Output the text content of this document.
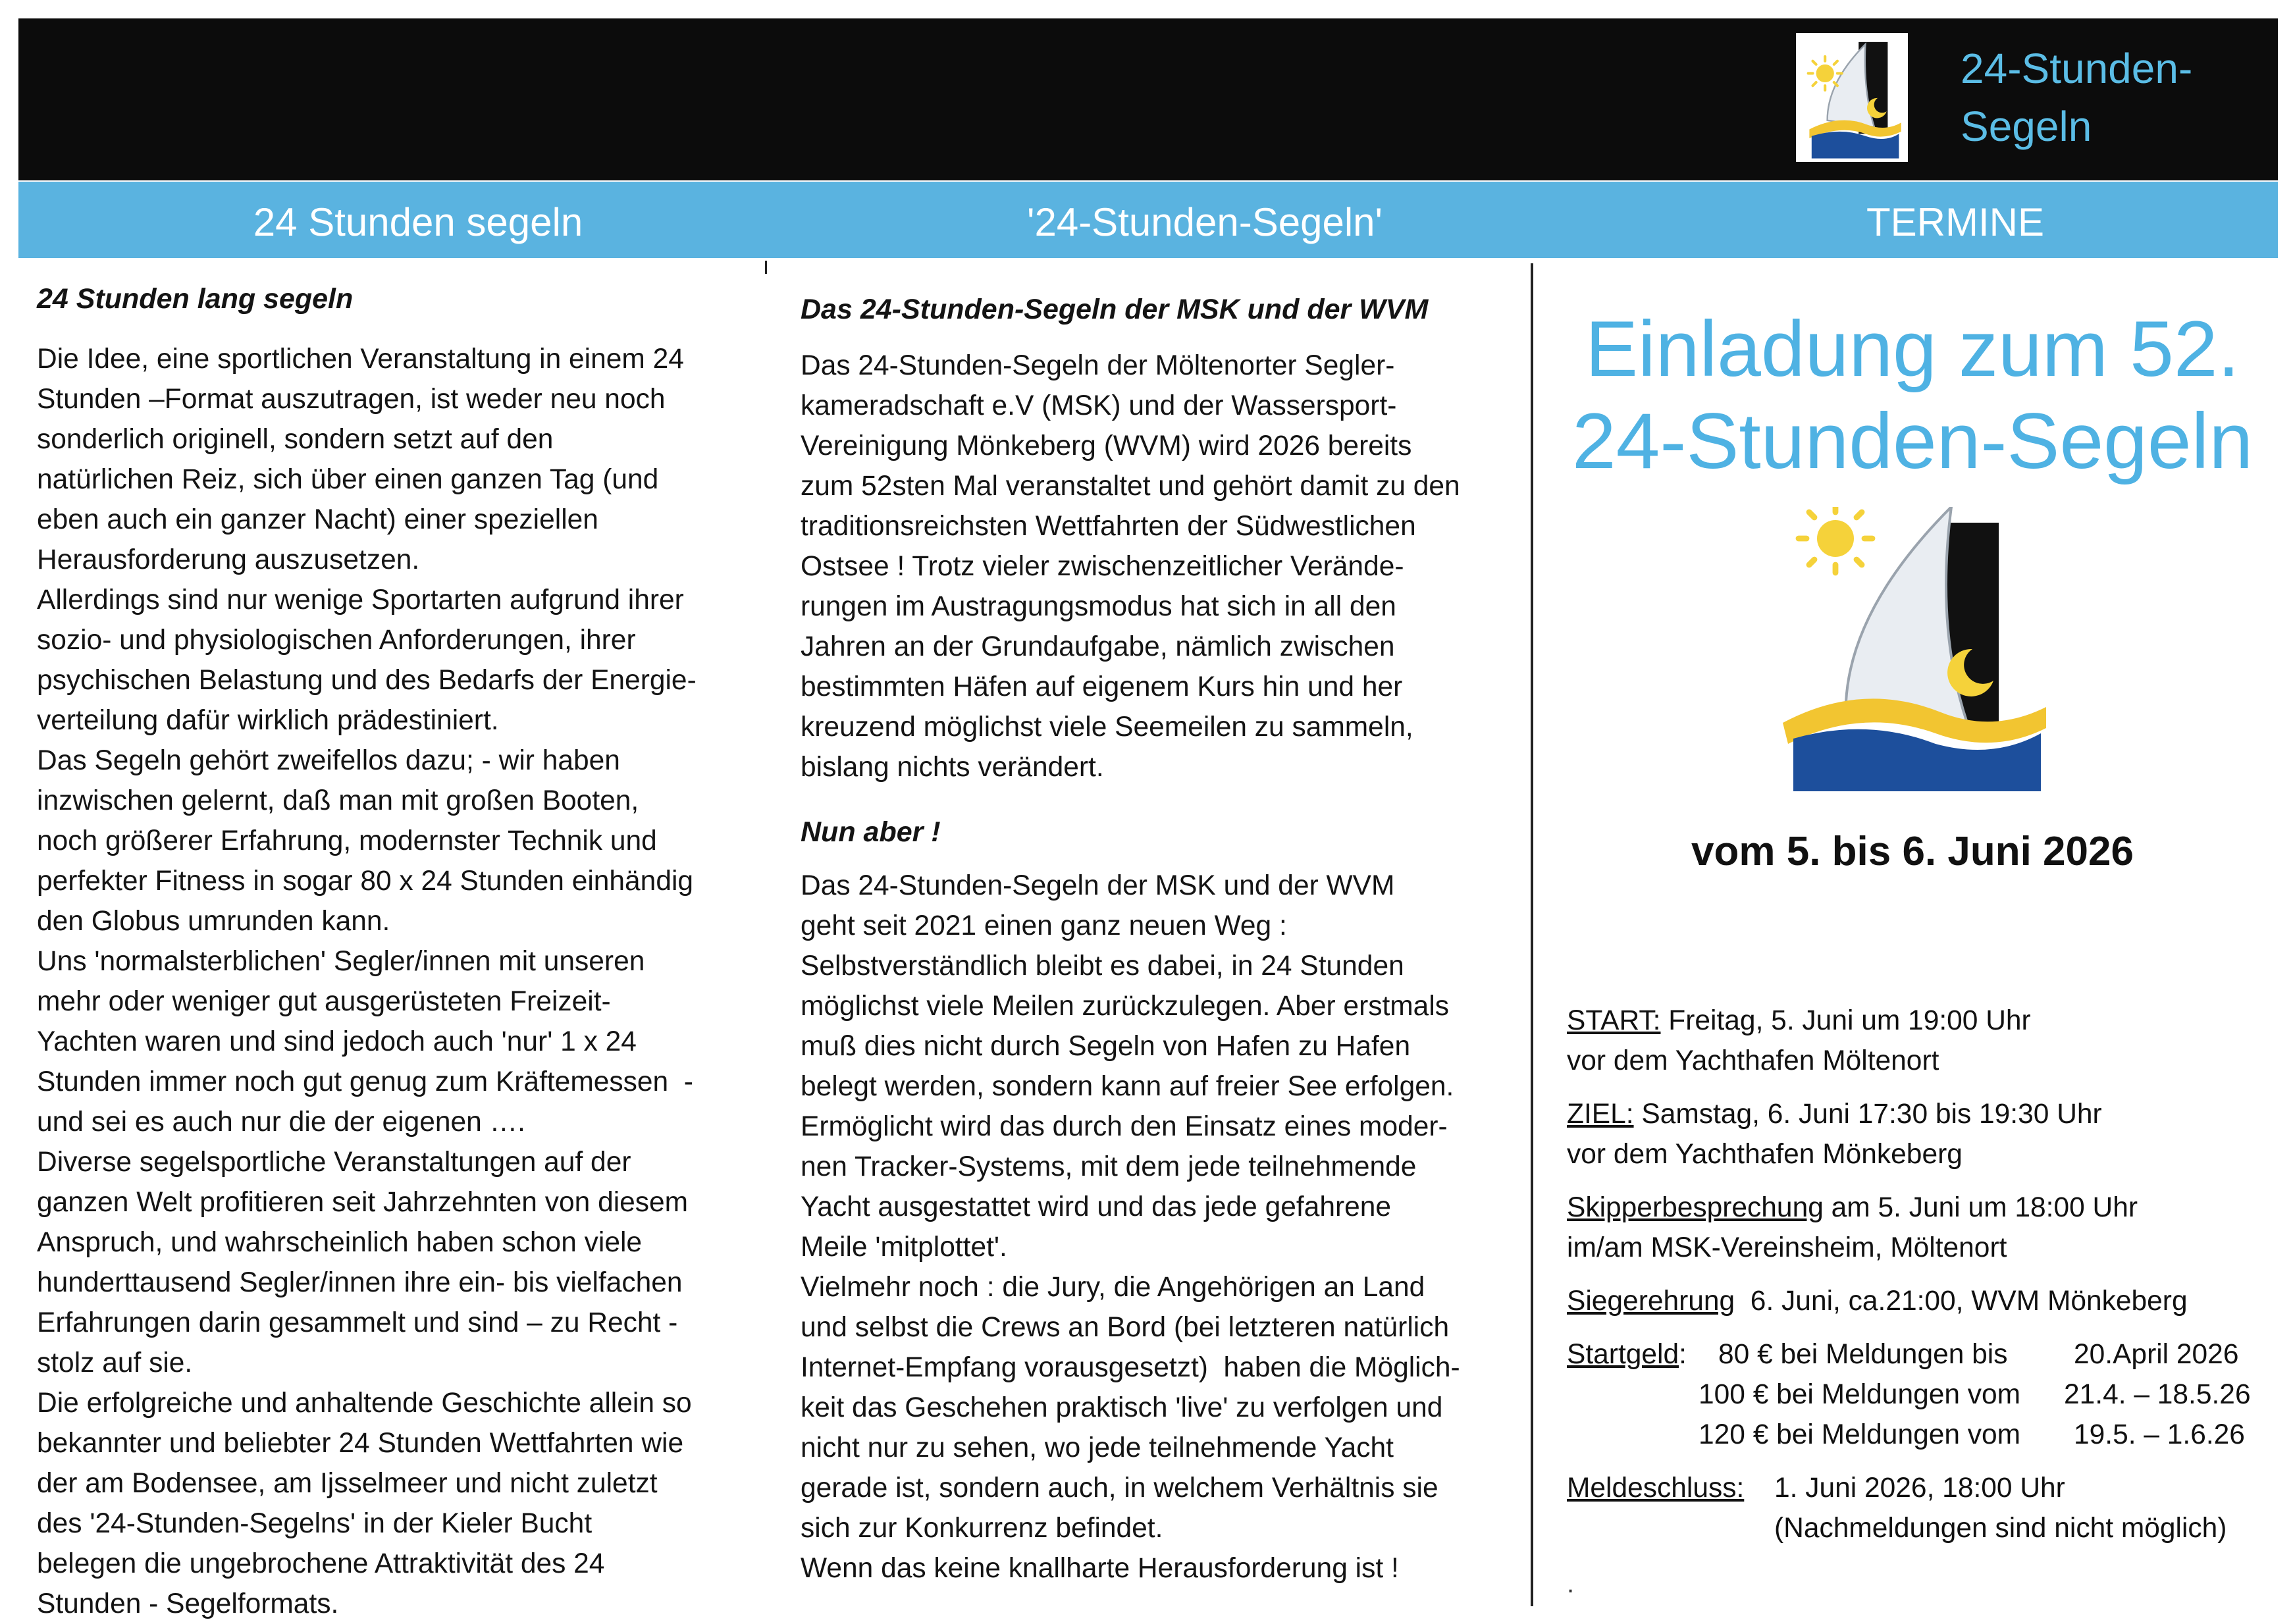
24-Stunden-
Segeln
24 Stunden segeln	'24-Stunden-Segeln'	TERMINE
24 Stunden lang segeln
Die Idee, eine sportlichen Veranstaltung in einem 24
Stunden –Format auszutragen, ist weder neu noch
sonderlich originell, sondern setzt auf den
natürlichen Reiz, sich über einen ganzen Tag (und
eben auch ein ganzer Nacht) einer speziellen
Herausforderung auszusetzen.
Allerdings sind nur wenige Sportarten aufgrund ihrer
sozio- und physiologischen Anforderungen, ihrer
psychischen Belastung und des Bedarfs der Energie-
verteilung dafür wirklich prädestiniert.
Das Segeln gehört zweifellos dazu; - wir haben
inzwischen gelernt, daß man mit großen Booten,
noch größerer Erfahrung, modernster Technik und
perfekter Fitness in sogar 80 x 24 Stunden einhändig
den Globus umrunden kann.
Uns 'normalsterblichen' Segler/innen mit unseren
mehr oder weniger gut ausgerüsteten Freizeit-
Yachten waren und sind jedoch auch 'nur' 1 x 24
Stunden immer noch gut genug zum Kräftemessen  -
und sei es auch nur die der eigenen ….
Diverse segelsportliche Veranstaltungen auf der
ganzen Welt profitieren seit Jahrzehnten von diesem
Anspruch, und wahrscheinlich haben schon viele
hunderttausend Segler/innen ihre ein- bis vielfachen
Erfahrungen darin gesammelt und sind – zu Recht -
stolz auf sie.
Die erfolgreiche und anhaltende Geschichte allein so
bekannter und beliebter 24 Stunden Wettfahrten wie
der am Bodensee, am Ijsselmeer und nicht zuletzt
des '24-Stunden-Segelns' in der Kieler Bucht
belegen die ungebrochene Attraktivität des 24
Stunden - Segelformats.
Das 24-Stunden-Segeln der MSK und der WVM
Das 24-Stunden-Segeln der Möltenorter Segler-
kameradschaft e.V (MSK) und der Wassersport-
Vereinigung Mönkeberg (WVM) wird 2026 bereits
zum 52sten Mal veranstaltet und gehört damit zu den
traditionsreichsten Wettfahrten der Südwestlichen
Ostsee ! Trotz vieler zwischenzeitlicher Verände-
rungen im Austragungsmodus hat sich in all den
Jahren an der Grundaufgabe, nämlich zwischen
bestimmten Häfen auf eigenem Kurs hin und her
kreuzend möglichst viele Seemeilen zu sammeln,
bislang nichts verändert.
Nun aber !
Das 24-Stunden-Segeln der MSK und der WVM
geht seit 2021 einen ganz neuen Weg :
Selbstverständlich bleibt es dabei, in 24 Stunden
möglichst viele Meilen zurückzulegen. Aber erstmals
muß dies nicht durch Segeln von Hafen zu Hafen
belegt werden, sondern kann auf freier See erfolgen.
Ermöglicht wird das durch den Einsatz eines moder-
nen Tracker-Systems, mit dem jede teilnehmende
Yacht ausgestattet wird und das jede gefahrene
Meile 'mitplottet'.
Vielmehr noch : die Jury, die Angehörigen an Land
und selbst die Crews an Bord (bei letzteren natürlich
Internet-Empfang vorausgesetzt)  haben die Möglich-
keit das Geschehen praktisch 'live' zu verfolgen und
nicht nur zu sehen, wo jede teilnehmende Yacht
gerade ist, sondern auch, in welchem Verhältnis sie
sich zur Konkurrenz befindet.
Wenn das keine knallharte Herausforderung ist !
Einladung zum 52.
24-Stunden-Segeln
vom 5. bis 6. Juni 2026
START: Freitag, 5. Juni um 19:00 Uhr
vor dem Yachthafen Möltenort
ZIEL: Samstag, 6. Juni 17:30 bis 19:30 Uhr
vor dem Yachthafen Mönkeberg
Skipperbesprechung am 5. Juni um 18:00 Uhr
im/am MSK-Vereinsheim, Möltenort
Siegerehrung  6. Juni, ca.21:00, WVM Mönkeberg
Startgeld: 80 € bei Meldungen bis 20.April 2026
100 € bei Meldungen vom 21.4. – 18.5.26
120 € bei Meldungen vom 19.5. – 1.6.26
Meldeschluss: 1. Juni 2026, 18:00 Uhr
(Nachmeldungen sind nicht möglich)
.
